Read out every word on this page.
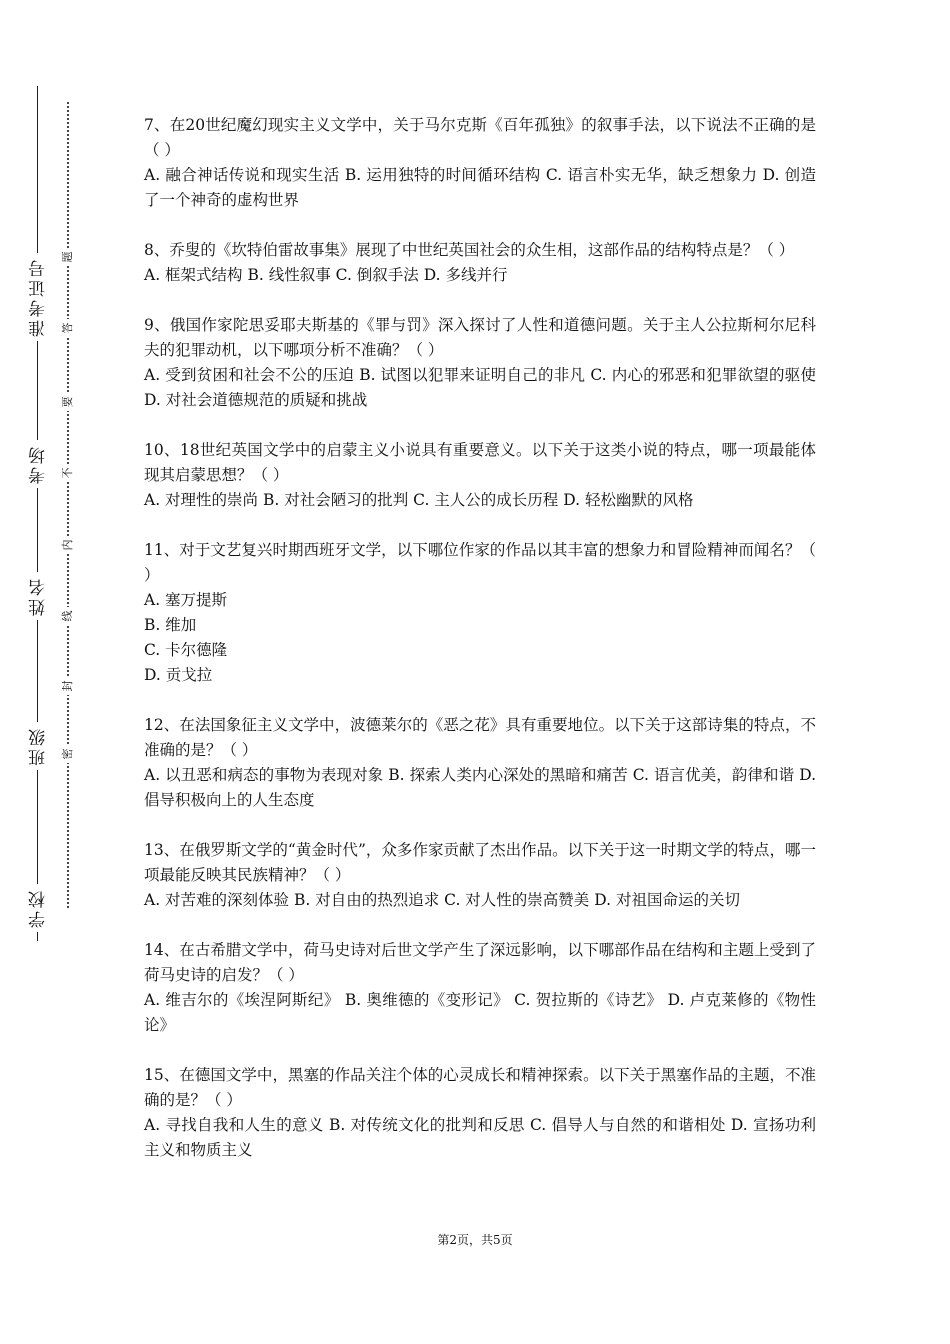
学校
班级
姓名
考场
准考证号
密
封
线
内
不
要
答
题

7、在20世纪魔幻现实主义文学中，关于马尔克斯《百年孤独》的叙事手法，以下说法不正确的是（ ）

A. 融合神话传说和现实生活 B. 运用独特的时间循环结构 C. 语言朴实无华，缺乏想象力 D. 创造了一个神奇的虚构世界

8、乔叟的《坎特伯雷故事集》展现了中世纪英国社会的众生相，这部作品的结构特点是？（ ）

A. 框架式结构 B. 线性叙事 C. 倒叙手法 D. 多线并行

9、俄国作家陀思妥耶夫斯基的《罪与罚》深入探讨了人性和道德问题。关于主人公拉斯柯尔尼科夫的犯罪动机，以下哪项分析不准确？（ ）

A. 受到贫困和社会不公的压迫 B. 试图以犯罪来证明自己的非凡 C. 内心的邪恶和犯罪欲望的驱使 D. 对社会道德规范的质疑和挑战

10、18世纪英国文学中的启蒙主义小说具有重要意义。以下关于这类小说的特点，哪一项最能体现其启蒙思想？（ ）

A. 对理性的崇尚 B. 对社会陋习的批判 C. 主人公的成长历程 D. 轻松幽默的风格

11、对于文艺复兴时期西班牙文学，以下哪位作家的作品以其丰富的想象力和冒险精神而闻名？（ ）

A. 塞万提斯

B. 维加

C. 卡尔德隆

D. 贡戈拉

12、在法国象征主义文学中，波德莱尔的《恶之花》具有重要地位。以下关于这部诗集的特点，不准确的是？（ ）

A. 以丑恶和病态的事物为表现对象 B. 探索人类内心深处的黑暗和痛苦 C. 语言优美，韵律和谐 D. 倡导积极向上的人生态度

13、在俄罗斯文学的“黄金时代”，众多作家贡献了杰出作品。以下关于这一时期文学的特点，哪一项最能反映其民族精神？（ ）

A. 对苦难的深刻体验 B. 对自由的热烈追求 C. 对人性的崇高赞美 D. 对祖国命运的关切

14、在古希腊文学中，荷马史诗对后世文学产生了深远影响，以下哪部作品在结构和主题上受到了荷马史诗的启发？（ ）

A. 维吉尔的《埃涅阿斯纪》 B. 奥维德的《变形记》 C. 贺拉斯的《诗艺》 D. 卢克莱修的《物性论》

15、在德国文学中，黑塞的作品关注个体的心灵成长和精神探索。以下关于黑塞作品的主题，不准确的是？（ ）

A. 寻找自我和人生的意义 B. 对传统文化的批判和反思 C. 倡导人与自然的和谐相处 D. 宣扬功利主义和物质主义

第2页，共5页
